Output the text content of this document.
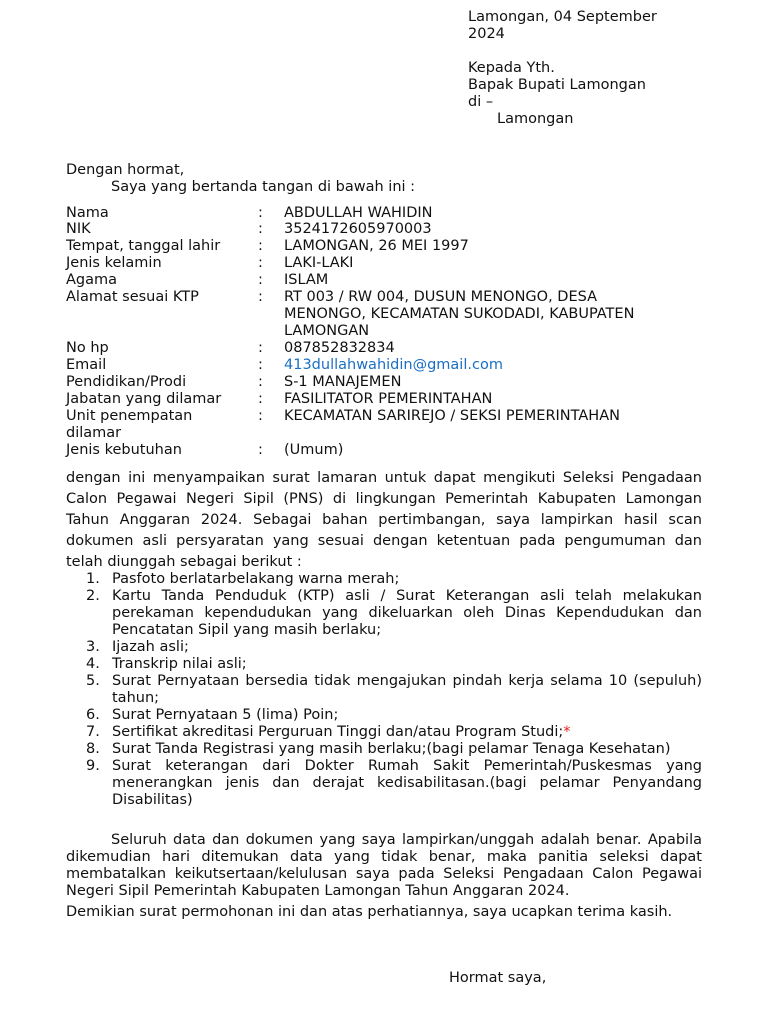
Lamongan, 04 September
2024
Kepada Yth.
Bapak Bupati Lamongan
di –
Lamongan
Dengan hormat,
Saya yang bertanda tangan di bawah ini :
Nama	: ABDULLAH WAHIDIN
NIK	: 3524172605970003
Tempat, tanggal lahir	: LAMONGAN, 26 MEI 1997
Jenis kelamin	: LAKI-LAKI
Agama	: ISLAM
Alamat sesuai KTP	: RT 003 / RW 004, DUSUN MENONGO, DESA
MENONGO, KECAMATAN SUKODADI, KABUPATEN
LAMONGAN
No hp	: 087852832834
Email	: 413dullahwahidin@gmail.com
Pendidikan/Prodi	: S-1 MANAJEMEN
Jabatan yang dilamar	: FASILITATOR PEMERINTAHAN
Unit penempatan	: KECAMATAN SARIREJO / SEKSI PEMERINTAHAN
dilamar
Jenis kebutuhan	: (Umum)
dengan ini menyampaikan surat lamaran untuk dapat mengikuti Seleksi Pengadaan Calon Pegawai Negeri Sipil (PNS) di lingkungan Pemerintah Kabupaten Lamongan Tahun Anggaran 2024. Sebagai bahan pertimbangan, saya lampirkan hasil scan dokumen asli persyaratan yang sesuai dengan ketentuan pada pengumuman dan telah diunggah sebagai berikut :
1. Pasfoto berlatarbelakang warna merah;
2. Kartu Tanda Penduduk (KTP) asli / Surat Keterangan asli telah melakukan perekaman kependudukan yang dikeluarkan oleh Dinas Kependudukan dan Pencatatan Sipil yang masih berlaku;
3. Ijazah asli;
4. Transkrip nilai asli;
5. Surat Pernyataan bersedia tidak mengajukan pindah kerja selama 10 (sepuluh) tahun;
6. Surat Pernyataan 5 (lima) Poin;
7. Sertifikat akreditasi Perguruan Tinggi dan/atau Program Studi;*
8. Surat Tanda Registrasi yang masih berlaku;(bagi pelamar Tenaga Kesehatan)
9. Surat keterangan dari Dokter Rumah Sakit Pemerintah/Puskesmas yang menerangkan jenis dan derajat kedisabilitasan.(bagi pelamar Penyandang Disabilitas)
Seluruh data dan dokumen yang saya lampirkan/unggah adalah benar. Apabila dikemudian hari ditemukan data yang tidak benar, maka panitia seleksi dapat membatalkan keikutsertaan/kelulusan saya pada Seleksi Pengadaan Calon Pegawai Negeri Sipil Pemerintah Kabupaten Lamongan Tahun Anggaran 2024.
Demikian surat permohonan ini dan atas perhatiannya, saya ucapkan terima kasih.
Hormat saya,
